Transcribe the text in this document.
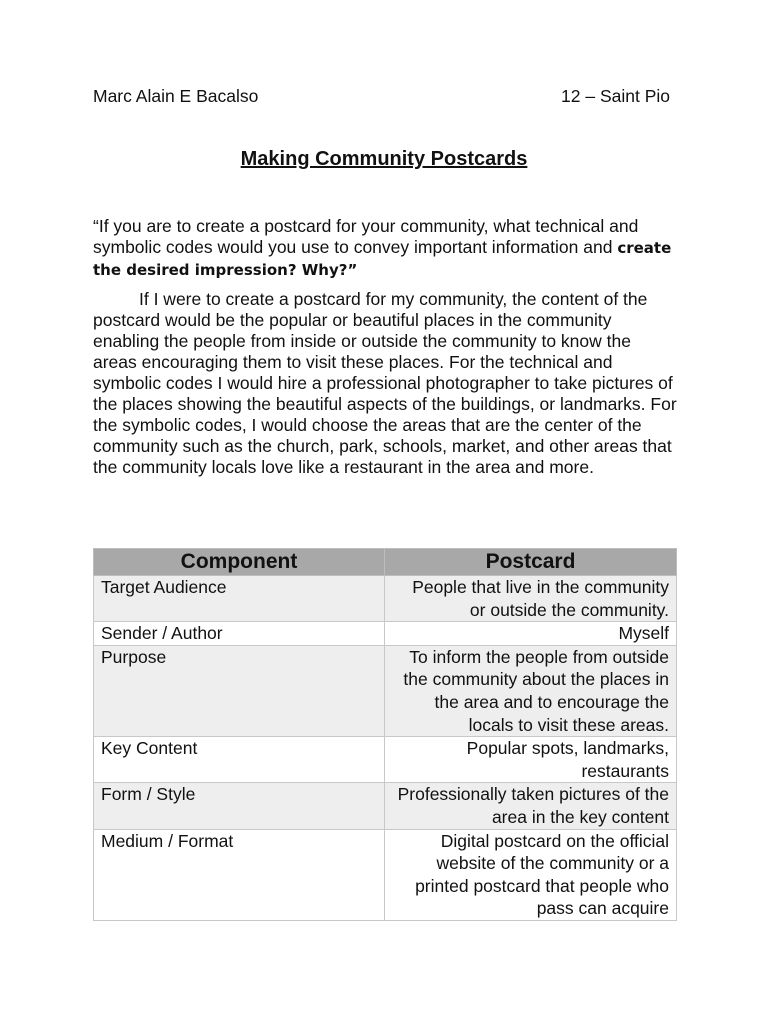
Marc Alain E Bacalso	12 – Saint Pio
Making Community Postcards
“If you are to create a postcard for your community, what technical and symbolic codes would you use to convey important information and create the desired impression? Why?”

If I were to create a postcard for my community, the content of the postcard would be the popular or beautiful places in the community enabling the people from inside or outside the community to know the areas encouraging them to visit these places. For the technical and symbolic codes I would hire a professional photographer to take pictures of the places showing the beautiful aspects of the buildings, or landmarks. For the symbolic codes, I would choose the areas that are the center of the community such as the church, park, schools, market, and other areas that the community locals love like a restaurant in the area and more.

Component	Postcard
Target Audience	People that live in the community or outside the community.
Sender / Author	Myself
Purpose	To inform the people from outside the community about the places in the area and to encourage the locals to visit these areas.
Key Content	Popular spots, landmarks, restaurants
Form / Style	Professionally taken pictures of the area in the key content
Medium / Format	Digital postcard on the official website of the community or a printed postcard that people who pass can acquire
